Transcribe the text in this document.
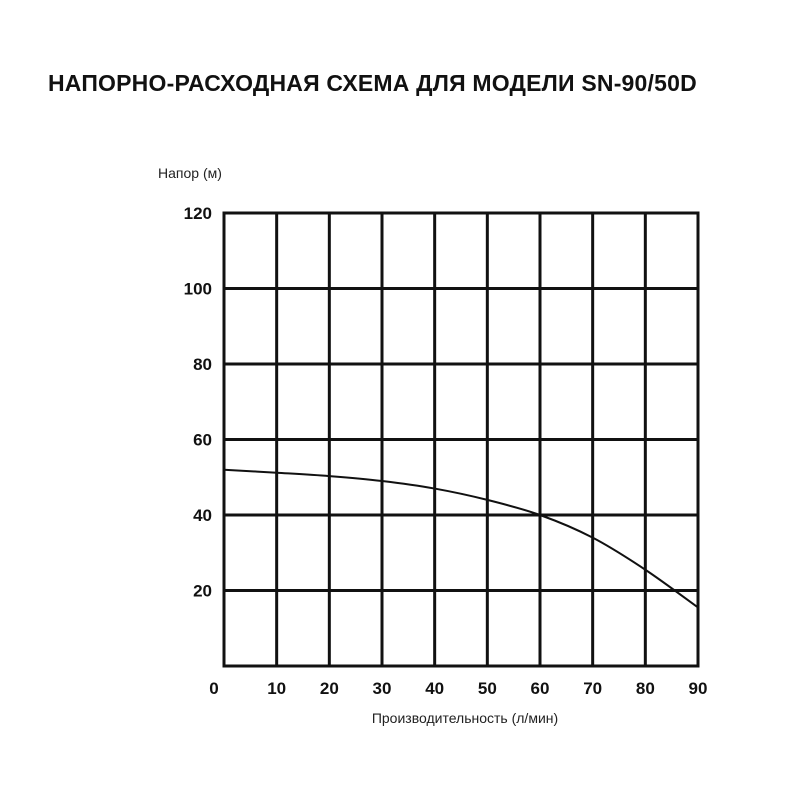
НАПОРНО-РАСХОДНАЯ СХЕМА ДЛЯ МОДЕЛИ SN-90/50D
20
40
60
80
100
120
0	10 20 30 40 50 60 70 80 90
Напор (м)
Производительность (л/мин)
